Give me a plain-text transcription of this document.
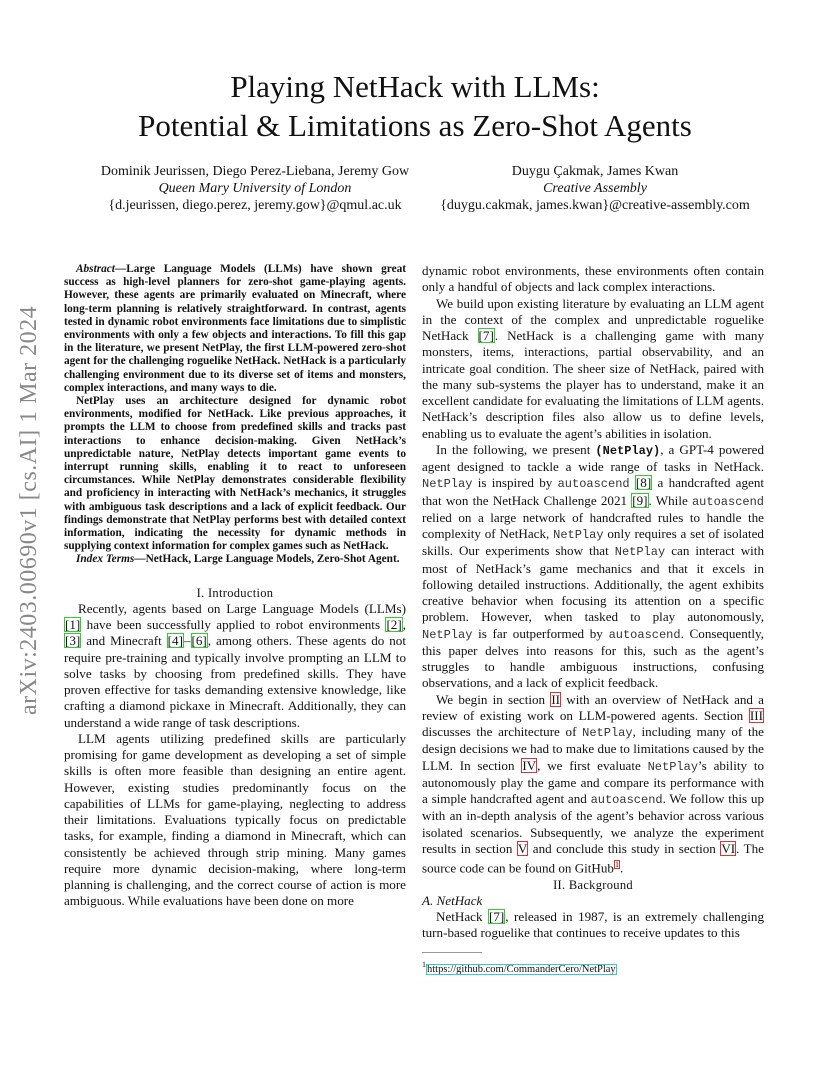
arXiv:2403.00690v1 [cs.AI] 1 Mar 2024
Playing NetHack with LLMs:
Potential & Limitations as Zero-Shot Agents
Dominik Jeurissen, Diego Perez-Liebana, Jeremy Gow
Queen Mary University of London
{d.jeurissen, diego.perez, jeremy.gow}@qmul.ac.uk
Duygu Çakmak, James Kwan
Creative Assembly
{duygu.cakmak, james.kwan}@creative-assembly.com

Abstract—Large Language Models (LLMs) have shown great success as high-level planners for zero-shot game-playing agents. However, these agents are primarily evaluated on Minecraft, where long-term planning is relatively straightforward. In contrast, agents tested in dynamic robot environments face limitations due to simplistic environments with only a few objects and interactions. To fill this gap in the literature, we present NetPlay, the first LLM-powered zero-shot agent for the challenging roguelike NetHack. NetHack is a particularly challenging environment due to its diverse set of items and monsters, complex interactions, and many ways to die.

NetPlay uses an architecture designed for dynamic robot environments, modified for NetHack. Like previous approaches, it prompts the LLM to choose from predefined skills and tracks past interactions to enhance decision-making. Given NetHack’s unpredictable nature, NetPlay detects important game events to interrupt running skills, enabling it to react to unforeseen circumstances. While NetPlay demonstrates considerable flexibility and proficiency in interacting with NetHack’s mechanics, it struggles with ambiguous task descriptions and a lack of explicit feedback. Our findings demonstrate that NetPlay performs best with detailed context information, indicating the necessity for dynamic methods in supplying context information for complex games such as NetHack.

Index Terms—NetHack, Large Language Models, Zero-Shot Agent.

I. Introduction

Recently, agents based on Large Language Models (LLMs) [1] have been successfully applied to robot environments [2], [3] and Minecraft [4]–[6], among others. These agents do not require pre-training and typically involve prompting an LLM to solve tasks by choosing from predefined skills. They have proven effective for tasks demanding extensive knowledge, like crafting a diamond pickaxe in Minecraft. Additionally, they can understand a wide range of task descriptions.

LLM agents utilizing predefined skills are particularly promising for game development as developing a set of simple skills is often more feasible than designing an entire agent. However, existing studies predominantly focus on the capabilities of LLMs for game-playing, neglecting to address their limitations. Evaluations typically focus on predictable tasks, for example, finding a diamond in Minecraft, which can consistently be achieved through strip mining. Many games require more dynamic decision-making, where long-term planning is challenging, and the correct course of action is more ambiguous. While evaluations have been done on more

dynamic robot environments, these environments often contain only a handful of objects and lack complex interactions.

We build upon existing literature by evaluating an LLM agent in the context of the complex and unpredictable roguelike NetHack [7]. NetHack is a challenging game with many monsters, items, interactions, partial observability, and an intricate goal condition. The sheer size of NetHack, paired with the many sub-systems the player has to understand, make it an excellent candidate for evaluating the limitations of LLM agents. NetHack’s description files also allow us to define levels, enabling us to evaluate the agent’s abilities in isolation.

In the following, we present (NetPlay), a GPT-4 powered agent designed to tackle a wide range of tasks in NetHack. NetPlay is inspired by autoascend [8] a handcrafted agent that won the NetHack Challenge 2021 [9]. While autoascend relied on a large network of handcrafted rules to handle the complexity of NetHack, NetPlay only requires a set of isolated skills. Our experiments show that NetPlay can interact with most of NetHack’s game mechanics and that it excels in following detailed instructions. Additionally, the agent exhibits creative behavior when focusing its attention on a specific problem. However, when tasked to play autonomously, NetPlay is far outperformed by autoascend. Consequently, this paper delves into reasons for this, such as the agent’s struggles to handle ambiguous instructions, confusing observations, and a lack of explicit feedback.

We begin in section II with an overview of NetHack and a review of existing work on LLM-powered agents. Section III discusses the architecture of NetPlay, including many of the design decisions we had to make due to limitations caused by the LLM. In section IV, we first evaluate NetPlay’s ability to autonomously play the game and compare its performance with a simple handcrafted agent and autoascend. We follow this up with an in-depth analysis of the agent’s behavior across various isolated scenarios. Subsequently, we analyze the experiment results in section V and conclude this study in section VI. The source code can be found on GitHub$^1$.

II. Background

A. NetHack

NetHack [7], released in 1987, is an extremely challenging turn-based roguelike that continues to receive updates to this

$^1$https://github.com/CommanderCero/NetPlay
